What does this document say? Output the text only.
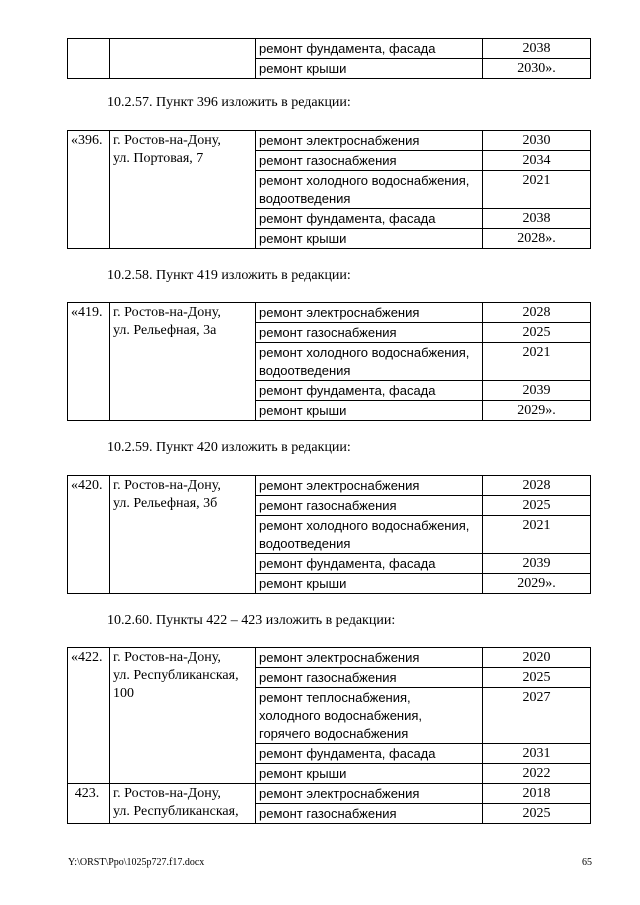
		ремонт фундамента, фасада	2038
		ремонт крыши	2030».
10.2.57. Пункт 396 изложить в редакции:
«396.	г. Ростов-на-Дону,
ул. Портовая, 7	ремонт электроснабжения	2030
		ремонт газоснабжения	2034

		ремонт холодного водоснабжения,
водоотведения	2021
		ремонт фундамента, фасада	2038
		ремонт крыши	2028».
10.2.58. Пункт 419 изложить в редакции:
«419.	г. Ростов-на-Дону,
ул. Рельефная, 3а	ремонт электроснабжения	2028
		ремонт газоснабжения	2025

		ремонт холодного водоснабжения,
водоотведения	2021
		ремонт фундамента, фасада	2039
		ремонт крыши	2029».
10.2.59. Пункт 420 изложить в редакции:
«420.	г. Ростов-на-Дону,
ул. Рельефная, 3б	ремонт электроснабжения	2028
		ремонт газоснабжения	2025

		ремонт холодного водоснабжения,
водоотведения	2021
		ремонт фундамента, фасада	2039
		ремонт крыши	2029».
10.2.60. Пункты 422 – 423 изложить в редакции:
«422.	г. Ростов-на-Дону,
ул. Республиканская,
100	ремонт электроснабжения	2020
		ремонт газоснабжения	2025

		ремонт теплоснабжения,
холодного водоснабжения,
горячего водоснабжения	2027
		ремонт фундамента, фасада	2031
		ремонт крыши	2022
423.	г. Ростов-на-Дону,
ул. Республиканская,	ремонт электроснабжения	2018
		ремонт газоснабжения	2025
Y:\ORST\Ppo\1025p727.f17.docx	65
